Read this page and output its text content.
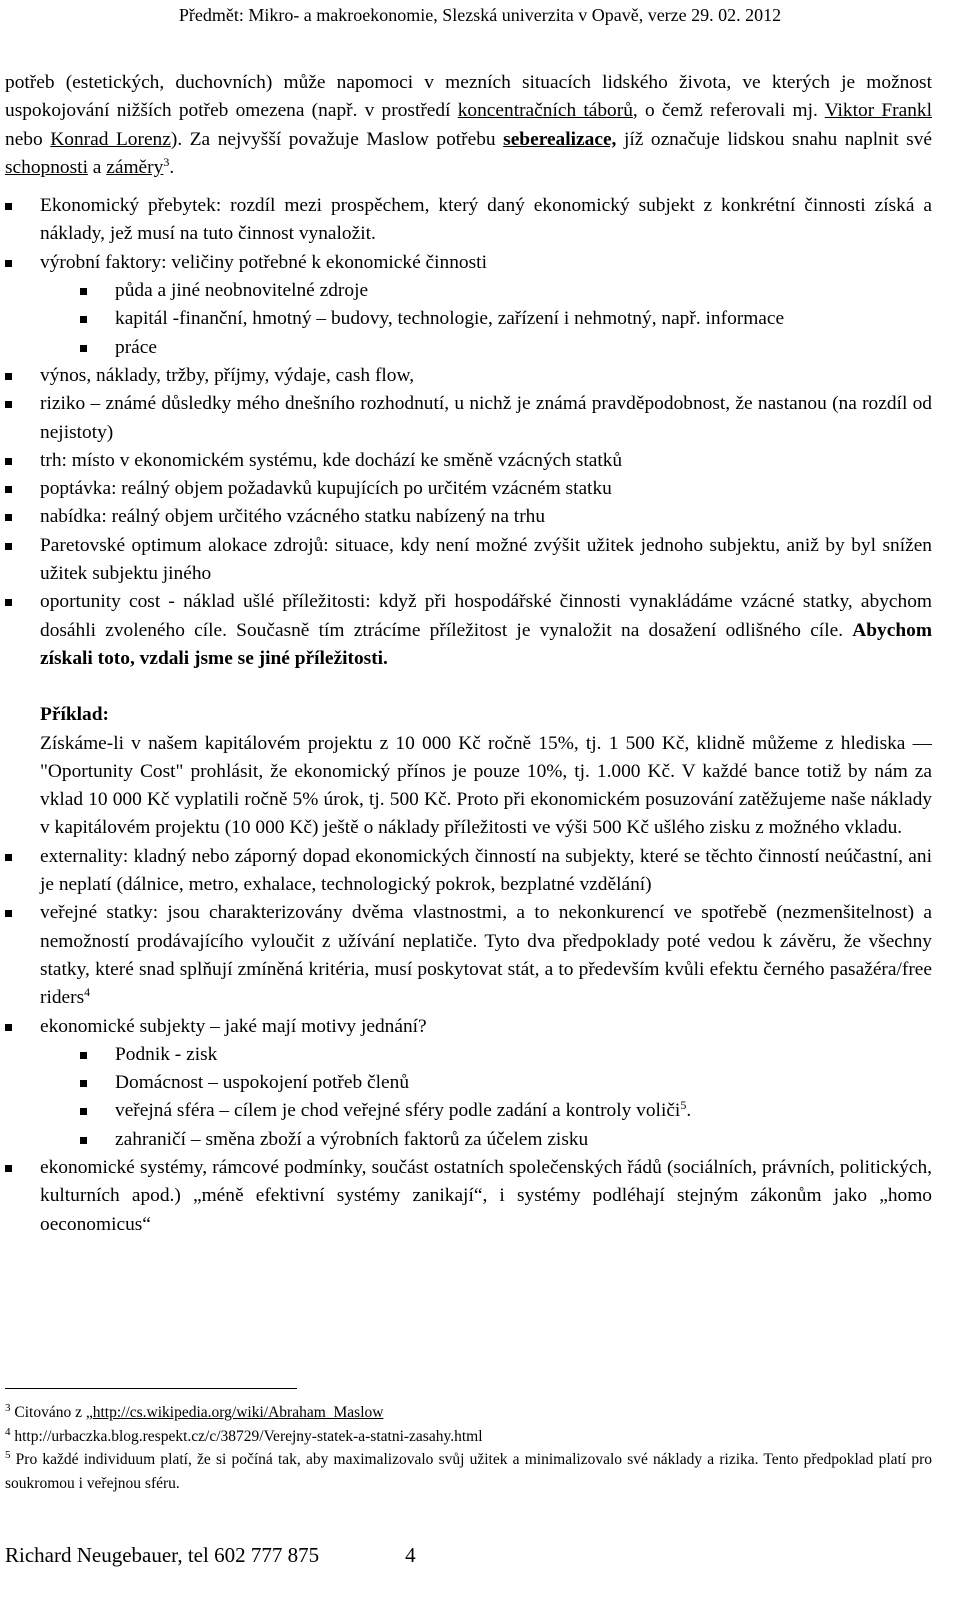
Předmět: Mikro- a makroekonomie, Slezská univerzita v Opavě, verze 29. 02. 2012

potřeb (estetických, duchovních) může napomoci v mezních situacích lidského života, ve kterých je možnost uspokojování nižších potřeb omezena (např. v prostředí koncentračních táborů, o čemž referovali mj. Viktor Frankl nebo Konrad Lorenz). Za nejvyšší považuje Maslow potřebu seberealizace, jíž označuje lidskou snahu naplnit své schopnosti a záměry$^3$.

Ekonomický přebytek: rozdíl mezi prospěchem, který daný ekonomický subjekt z konkrétní činnosti získá a náklady, jež musí na tuto činnost vynaložit.
výrobní faktory: veličiny potřebné k ekonomické činnosti
půda a jiné neobnovitelné zdroje
kapitál -finanční, hmotný – budovy, technologie, zařízení i nehmotný, např. informace
práce
výnos, náklady, tržby, příjmy, výdaje, cash flow,
riziko – známé důsledky mého dnešního rozhodnutí, u nichž je známá pravděpodobnost, že nastanou (na rozdíl od nejistoty)
trh: místo v ekonomickém systému, kde dochází ke směně vzácných statků
poptávka: reálný objem požadavků kupujících po určitém vzácném statku
nabídka: reálný objem určitého vzácného statku nabízený na trhu
Paretovské optimum alokace zdrojů: situace, kdy není možné zvýšit užitek jednoho subjektu, aniž by byl snížen užitek subjektu jiného
oportunity cost - náklad ušlé příležitosti: když při hospodářské činnosti vynakládáme vzácné statky, abychom dosáhli zvoleného cíle. Současně tím ztrácíme příležitost je vynaložit na dosažení odlišného cíle. Abychom získali toto, vzdali jsme se jiné příležitosti.
Příklad:

Získáme-li v našem kapitálovém projektu z 10 000 Kč ročně 15%, tj. 1 500 Kč, klidně můžeme z hlediska –– "Oportunity Cost" prohlásit, že ekonomický přínos je pouze 10%, tj. 1.000 Kč. V každé bance totiž by nám za vklad 10 000 Kč vyplatili ročně 5% úrok, tj. 500 Kč. Proto při ekonomickém posuzování zatěžujeme naše náklady v kapitálovém projektu (10 000 Kč) ještě o náklady příležitosti ve výši 500 Kč ušlého zisku z možného vkladu.

externality: kladný nebo záporný dopad ekonomických činností na subjekty, které se těchto činností neúčastní, ani je neplatí (dálnice, metro, exhalace, technologický pokrok, bezplatné vzdělání)
veřejné statky: jsou charakterizovány dvěma vlastnostmi, a to nekonkurencí ve spotřebě (nezmenšitelnost) a nemožností prodávajícího vyloučit z užívání neplatiče. Tyto dva předpoklady poté vedou k závěru, že všechny statky, které snad splňují zmíněná kritéria, musí poskytovat stát, a to především kvůli efektu černého pasažéra/free riders$^4$
ekonomické subjekty – jaké mají motivy jednání?
Podnik - zisk
Domácnost – uspokojení potřeb členů
veřejná sféra – cílem je chod veřejné sféry podle zadání a kontroly voliči$^5$.
zahraničí – směna zboží a výrobních faktorů za účelem zisku
ekonomické systémy, rámcové podmínky, součást ostatních společenských řádů (sociálních, právních, politických, kulturních apod.) „méně efektivní systémy zanikají“, i systémy podléhají stejným zákonům jako „homo oeconomicus“
$^3$ Citováno z „http://cs.wikipedia.org/wiki/Abraham_Maslow
$^4$ http://urbaczka.blog.respekt.cz/c/38729/Verejny-statek-a-statni-zasahy.html
$^5$ Pro každé individuum platí, že si počíná tak, aby maximalizovalo svůj užitek a minimalizovalo své náklady a rizika. Tento předpoklad platí pro soukromou i veřejnou sféru.
Richard Neugebauer, tel 602 777 875	4
